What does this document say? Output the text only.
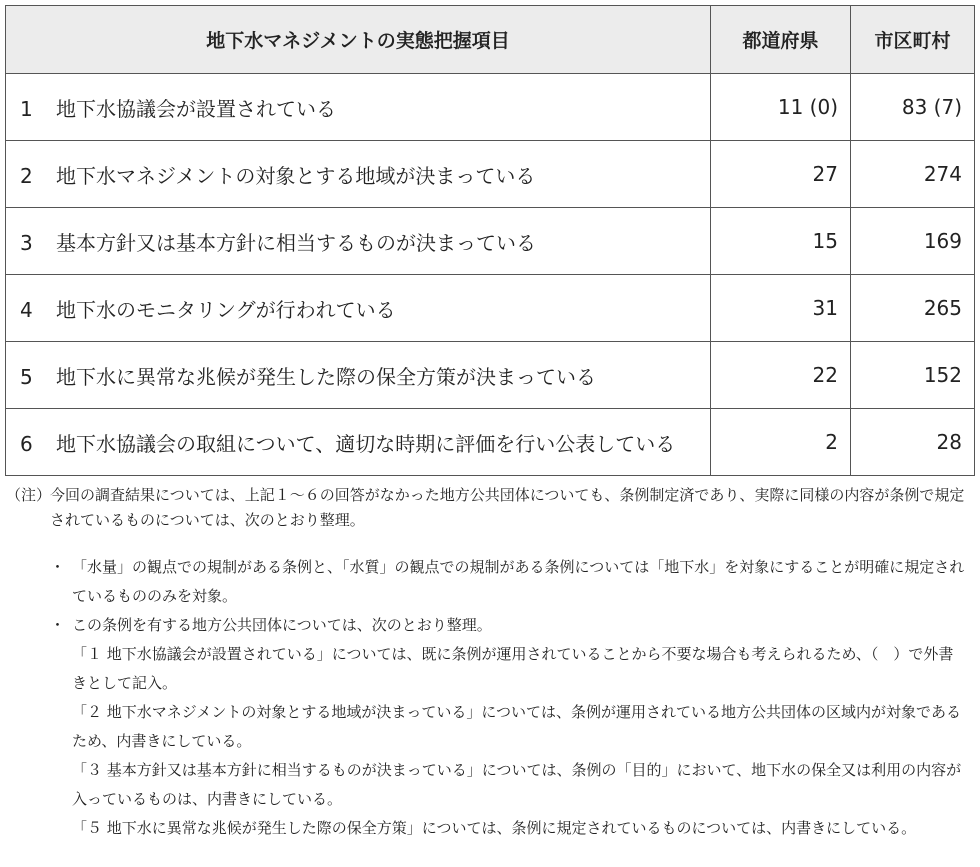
地下水マネジメントの実態把握項目	都道府県	市区町村
1 地下水協議会が設置されている	11 (0)	83 (7)
2 地下水マネジメントの対象とする地域が決まっている	27	274
3 基本方針又は基本方針に相当するものが決まっている	15	169
4 地下水のモニタリングが行われている	31	265
5 地下水に異常な兆候が発生した際の保全方策が決まっている	22	152
6 地下水協議会の取組について、適切な時期に評価を行い公表している	2	28
（注）
今回の調査結果については、上記１～６の回答がなかった地方公共団体についても、条例制定済であり、実際に同様の内容が条例で規定されているものについては、次のとおり整理。
・ 「水量」の観点での規制がある条例と、「水質」の観点での規制がある条例については「地下水」を対象にすることが明確に規定されているもののみを対象。
・ この条例を有する地方公共団体については、次のとおり整理。
「１ 地下水協議会が設置されている」については、既に条例が運用されていることから不要な場合も考えられるため、（　）で外書きとして記入。
「２ 地下水マネジメントの対象とする地域が決まっている」については、条例が運用されている地方公共団体の区域内が対象であるため、内書きにしている。
「３ 基本方針又は基本方針に相当するものが決まっている」については、条例の「目的」において、地下水の保全又は利用の内容が入っているものは、内書きにしている。
「５ 地下水に異常な兆候が発生した際の保全方策」については、条例に規定されているものについては、内書きにしている。
